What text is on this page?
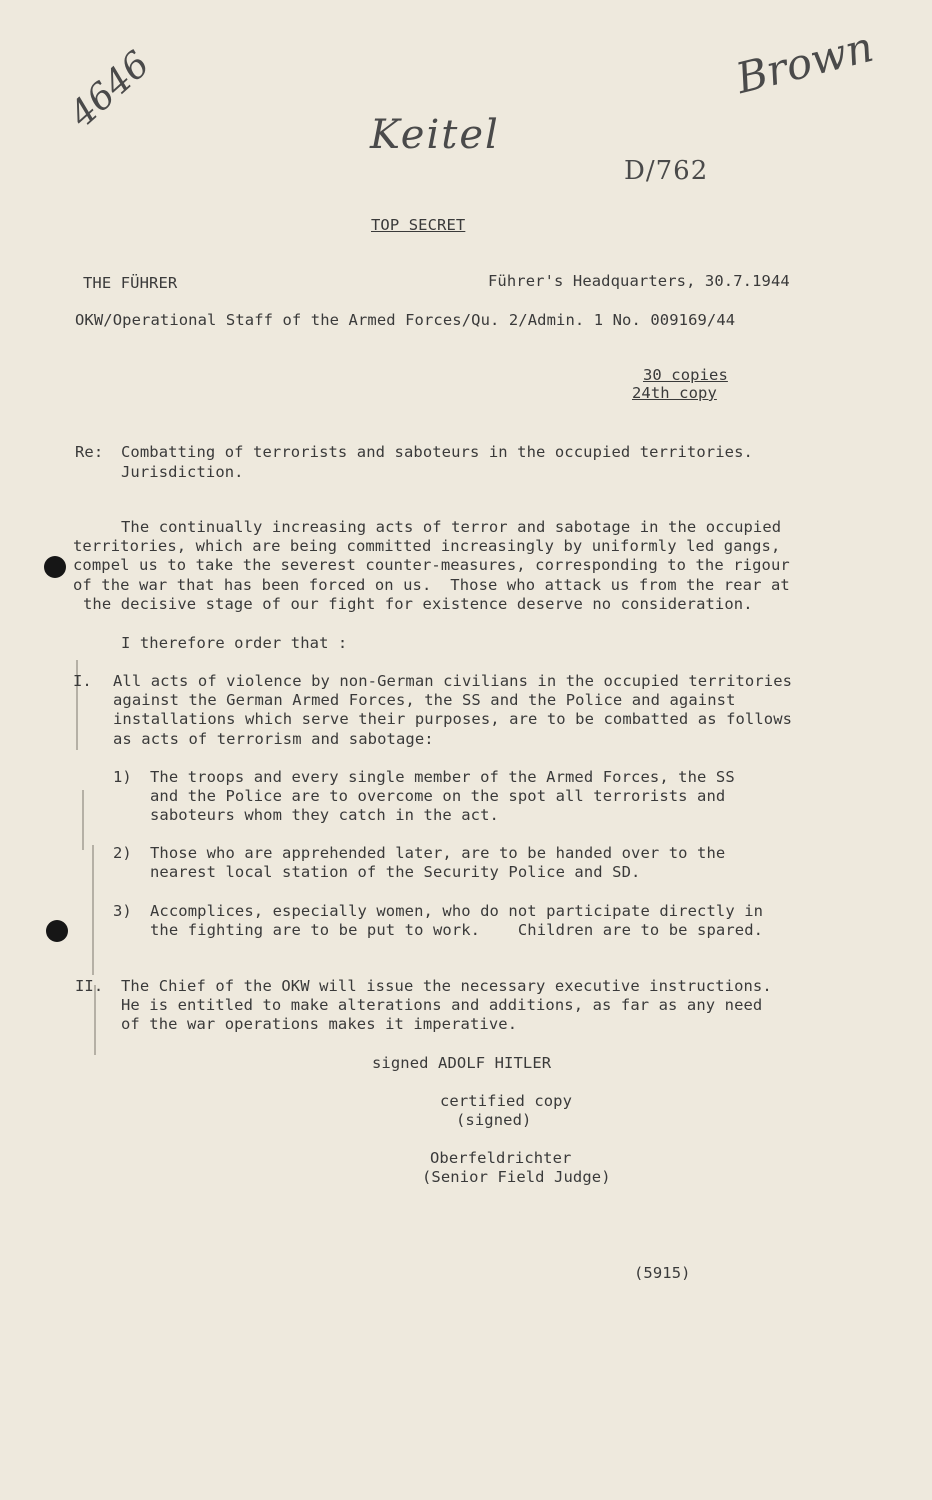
4646	Keitel
Brown
D/762
TOP SECRET
THE FÜHRER	Führer's Headquarters, 30.7.1944
OKW/Operational Staff of the Armed Forces/Qu. 2/Admin. 1 No. 009169/44
30 copies
24th copy
Re: Combatting of terrorists and saboteurs in the occupied territories.
Jurisdiction.
The continually increasing acts of terror and sabotage in the occupied
territories, which are being committed increasingly by uniformly led gangs,
compel us to take the severest counter-measures, corresponding to the rigour
of the war that has been forced on us.  Those who attack us from the rear at
the decisive stage of our fight for existence deserve no consideration.
I therefore order that :
I. All acts of violence by non-German civilians in the occupied territories
against the German Armed Forces, the SS and the Police and against
installations which serve their purposes, are to be combatted as follows
as acts of terrorism and sabotage:
1) The troops and every single member of the Armed Forces, the SS
and the Police are to overcome on the spot all terrorists and
saboteurs whom they catch in the act.
2) Those who are apprehended later, are to be handed over to the
nearest local station of the Security Police and SD.
3) Accomplices, especially women, who do not participate directly in
the fighting are to be put to work.    Children are to be spared.
II. The Chief of the OKW will issue the necessary executive instructions.
He is entitled to make alterations and additions, as far as any need
of the war operations makes it imperative.
signed ADOLF HITLER
certified copy
(signed)
Oberfeldrichter
(Senior Field Judge)
(5915)
